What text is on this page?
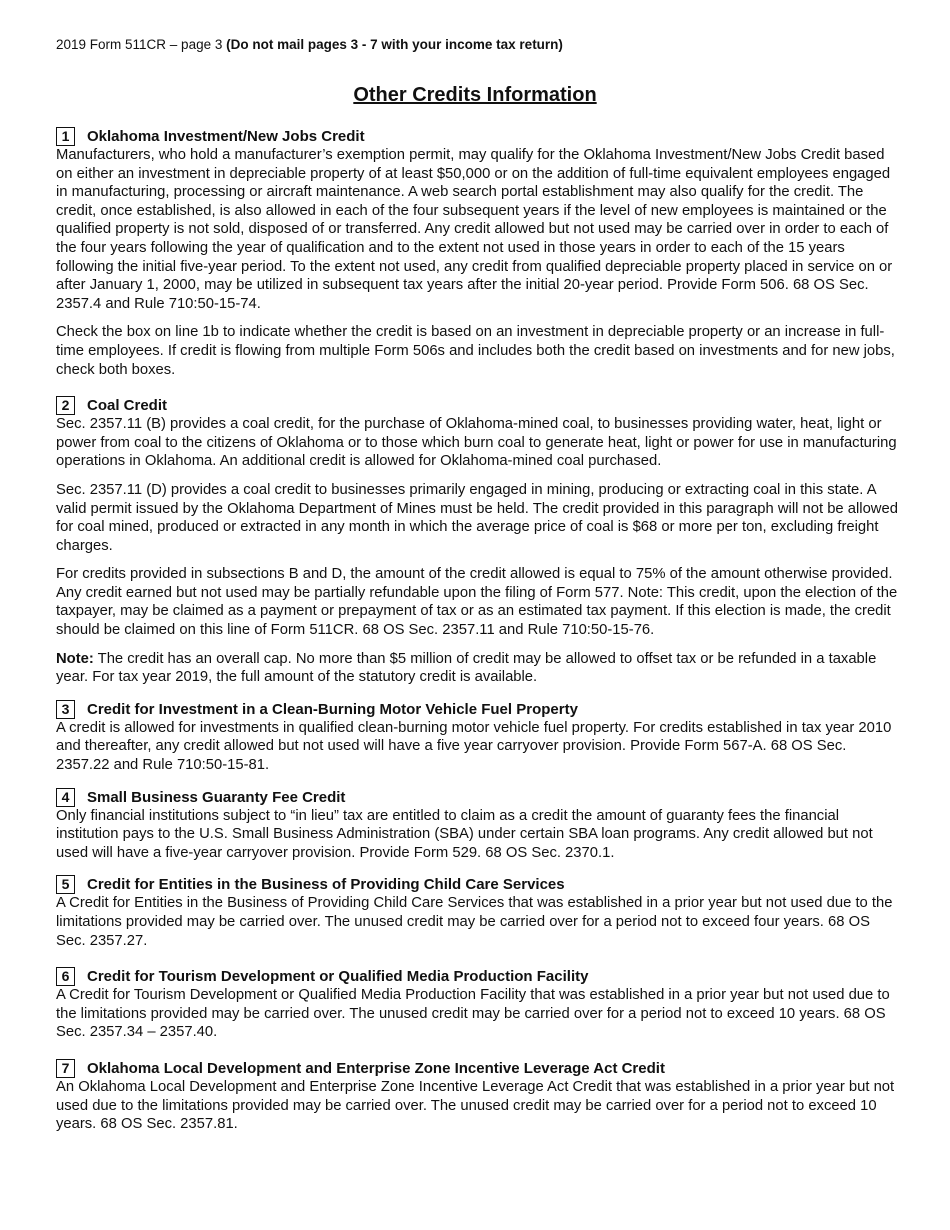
2019 Form 511CR – page 3 (Do not mail pages 3 - 7 with your income tax return)
Other Credits Information
1	Oklahoma Investment/New Jobs Credit

Manufacturers, who hold a manufacturer’s exemption permit, may qualify for the Oklahoma Investment/New Jobs Credit based on either an investment in depreciable property of at least $50,000 or on the addition of full-time equivalent employees engaged in manufacturing, processing or aircraft maintenance. A web search portal establishment may also qualify for the credit. The credit, once established, is also allowed in each of the four subsequent years if the level of new employees is maintained or the qualified property is not sold, disposed of or transferred. Any credit allowed but not used may be carried over in order to each of the four years following the year of qualification and to the extent not used in those years in order to each of the 15 years following the initial five-year period. To the extent not used, any credit from qualified depreciable property placed in service on or after January 1, 2000, may be utilized in subsequent tax years after the initial 20-year period. Provide Form 506. 68 OS Sec. 2357.4 and Rule 710:50-15-74.

Check the box on line 1b to indicate whether the credit is based on an investment in depreciable property or an increase in full-time employees. If credit is flowing from multiple Form 506s and includes both the credit based on investments and for new jobs, check both boxes.

2	Coal Credit

Sec. 2357.11 (B) provides a coal credit, for the purchase of Oklahoma-mined coal, to businesses providing water, heat, light or power from coal to the citizens of Oklahoma or to those which burn coal to generate heat, light or power for use in manufacturing operations in Oklahoma. An additional credit is allowed for Oklahoma-mined coal purchased.

Sec. 2357.11 (D) provides a coal credit to businesses primarily engaged in mining, producing or extracting coal in this state. A valid permit issued by the Oklahoma Department of Mines must be held. The credit provided in this paragraph will not be allowed for coal mined, produced or extracted in any month in which the average price of coal is $68 or more per ton, excluding freight charges.

For credits provided in subsections B and D, the amount of the credit allowed is equal to 75% of the amount otherwise provided. Any credit earned but not used may be partially refundable upon the filing of Form 577. Note: This credit, upon the election of the taxpayer, may be claimed as a payment or prepayment of tax or as an estimated tax payment. If this election is made, the credit should be claimed on this line of Form 511CR. 68 OS Sec. 2357.11 and Rule 710:50-15-76.

Note: The credit has an overall cap. No more than $5 million of credit may be allowed to offset tax or be refunded in a taxable year. For tax year 2019, the full amount of the statutory credit is available.

3	Credit for Investment in a Clean-Burning Motor Vehicle Fuel Property

A credit is allowed for investments in qualified clean-burning motor vehicle fuel property. For credits established in tax year 2010 and thereafter, any credit allowed but not used will have a five year carryover provision. Provide Form 567-A. 68 OS Sec. 2357.22 and Rule 710:50-15-81.

4	Small Business Guaranty Fee Credit

Only financial institutions subject to “in lieu” tax are entitled to claim as a credit the amount of guaranty fees the financial institution pays to the U.S. Small Business Administration (SBA) under certain SBA loan programs. Any credit allowed but not used will have a five-year carryover provision. Provide Form 529. 68 OS Sec. 2370.1.

5	Credit for Entities in the Business of Providing Child Care Services

A Credit for Entities in the Business of Providing Child Care Services that was established in a prior year but not used due to the limitations provided may be carried over. The unused credit may be carried over for a period not to exceed four years. 68 OS Sec. 2357.27.

6	Credit for Tourism Development or Qualified Media Production Facility

A Credit for Tourism Development or Qualified Media Production Facility that was established in a prior year but not used due to the limitations provided may be carried over. The unused credit may be carried over for a period not to exceed 10 years. 68 OS Sec. 2357.34 – 2357.40.

7	Oklahoma Local Development and Enterprise Zone Incentive Leverage Act Credit

An Oklahoma Local Development and Enterprise Zone Incentive Leverage Act Credit that was established in a prior year but not used due to the limitations provided may be carried over. The unused credit may be carried over for a period not to exceed 10 years. 68 OS Sec. 2357.81.
